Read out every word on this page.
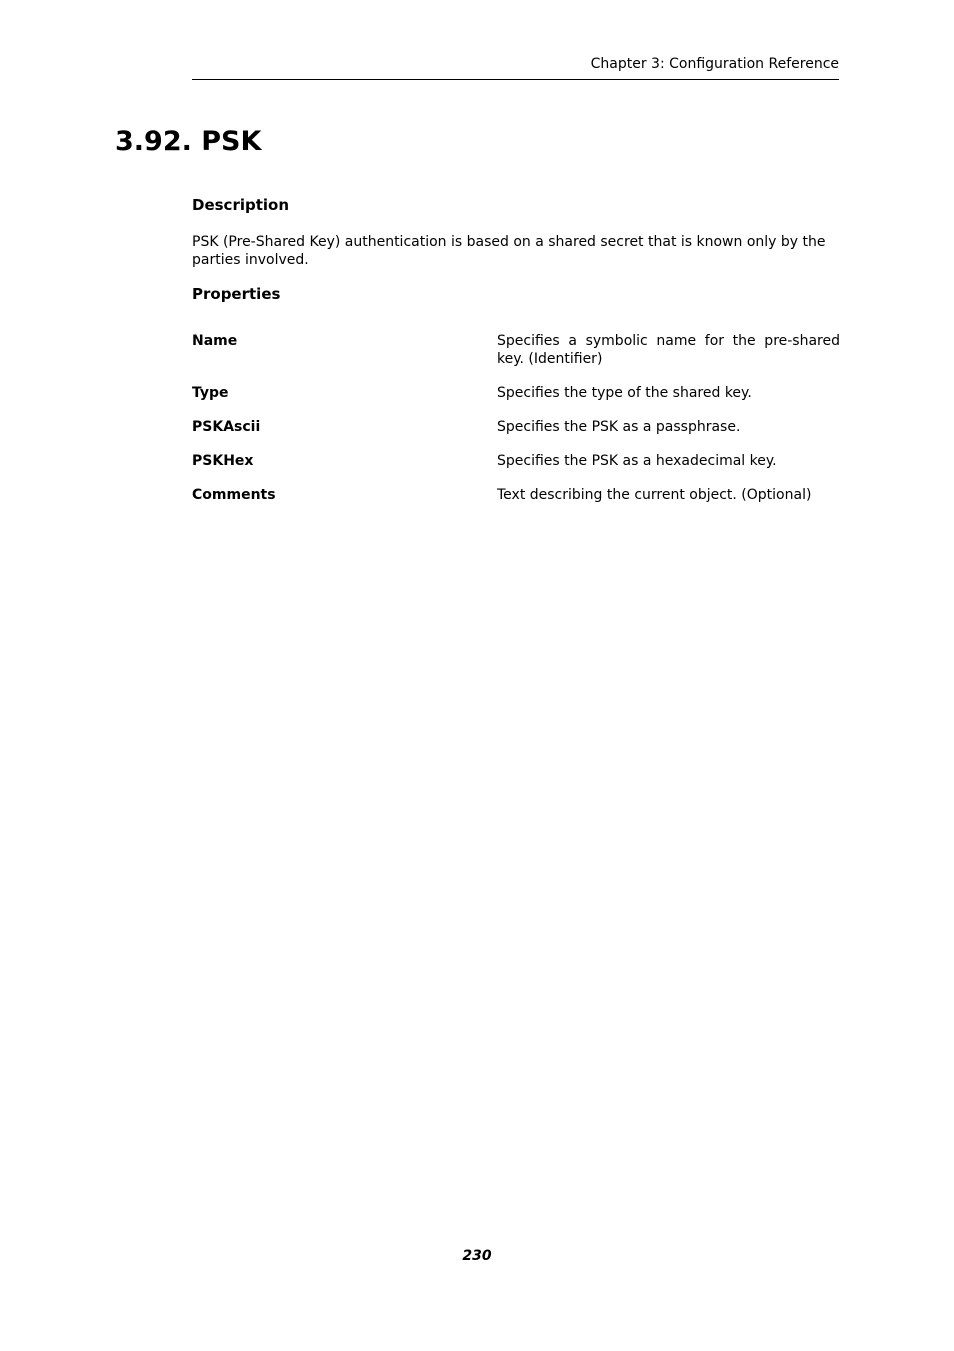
Chapter 3: Configuration Reference
3.92. PSK

Description

PSK (Pre-Shared Key) authentication is based on a shared secret that is known only by the parties involved.

Properties

Name	Specifies a symbolic name for the pre-shared key. (Identifier)
Type	Specifies the type of the shared key.
PSKAscii	Specifies the PSK as a passphrase.
PSKHex	Specifies the PSK as a hexadecimal key.
Comments	Text describing the current object. (Optional)
230
